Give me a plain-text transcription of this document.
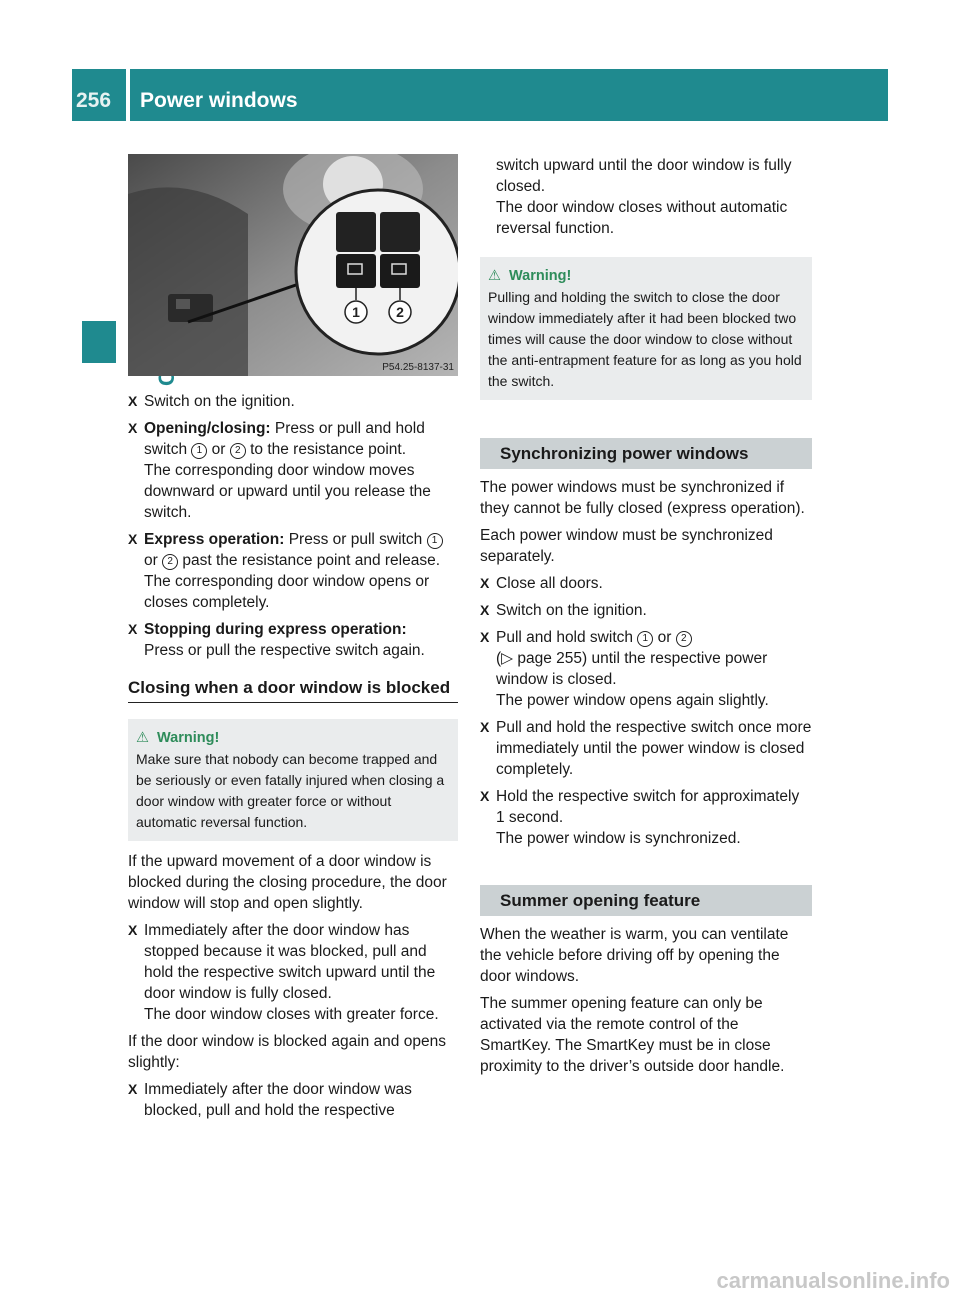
256	Power windows
1	2
P54.25-8137-31
X Switch on the ignition.
X Opening/closing: Press or pull and hold switch 1 or 2 to the resistance point.
The corresponding door window moves downward or upward until you release the switch.
X Express operation: Press or pull switch 1 or 2 past the resistance point and release.
The corresponding door window opens or closes completely.
X Stopping during express operation:
Press or pull the respective switch again.
Closing when a door window is blocked
⚠ Warning!
Make sure that nobody can become trapped and be seriously or even fatally injured when closing a door window with greater force or without automatic reversal function.

If the upward movement of a door window is blocked during the closing procedure, the door window will stop and open slightly.

X Immediately after the door window has stopped because it was blocked, pull and hold the respective switch upward until the door window is fully closed.
The door window closes with greater force.

If the door window is blocked again and opens slightly:

X Immediately after the door window was blocked, pull and hold the respective
switch upward until the door window is fully closed.
The door window closes without automatic reversal function.
⚠ Warning!
Pulling and holding the switch to close the door window immediately after it had been blocked two times will cause the door window to close without the anti-entrapment feature for as long as you hold the switch.
Synchronizing power windows

The power windows must be synchronized if they cannot be fully closed (express operation).

Each power window must be synchronized separately.

X Close all doors.
X Switch on the ignition.
X Pull and hold switch 1 or 2
(▷ page 255) until the respective power window is closed.
The power window opens again slightly.
X Pull and hold the respective switch once more immediately until the power window is closed completely.
X Hold the respective switch for approximately 1 second.
The power window is synchronized.
Summer opening feature

When the weather is warm, you can ventilate the vehicle before driving off by opening the door windows.

The summer opening feature can only be activated via the remote control of the SmartKey. The SmartKey must be in close proximity to the driver’s outside door handle.

carmanualsonline.info
